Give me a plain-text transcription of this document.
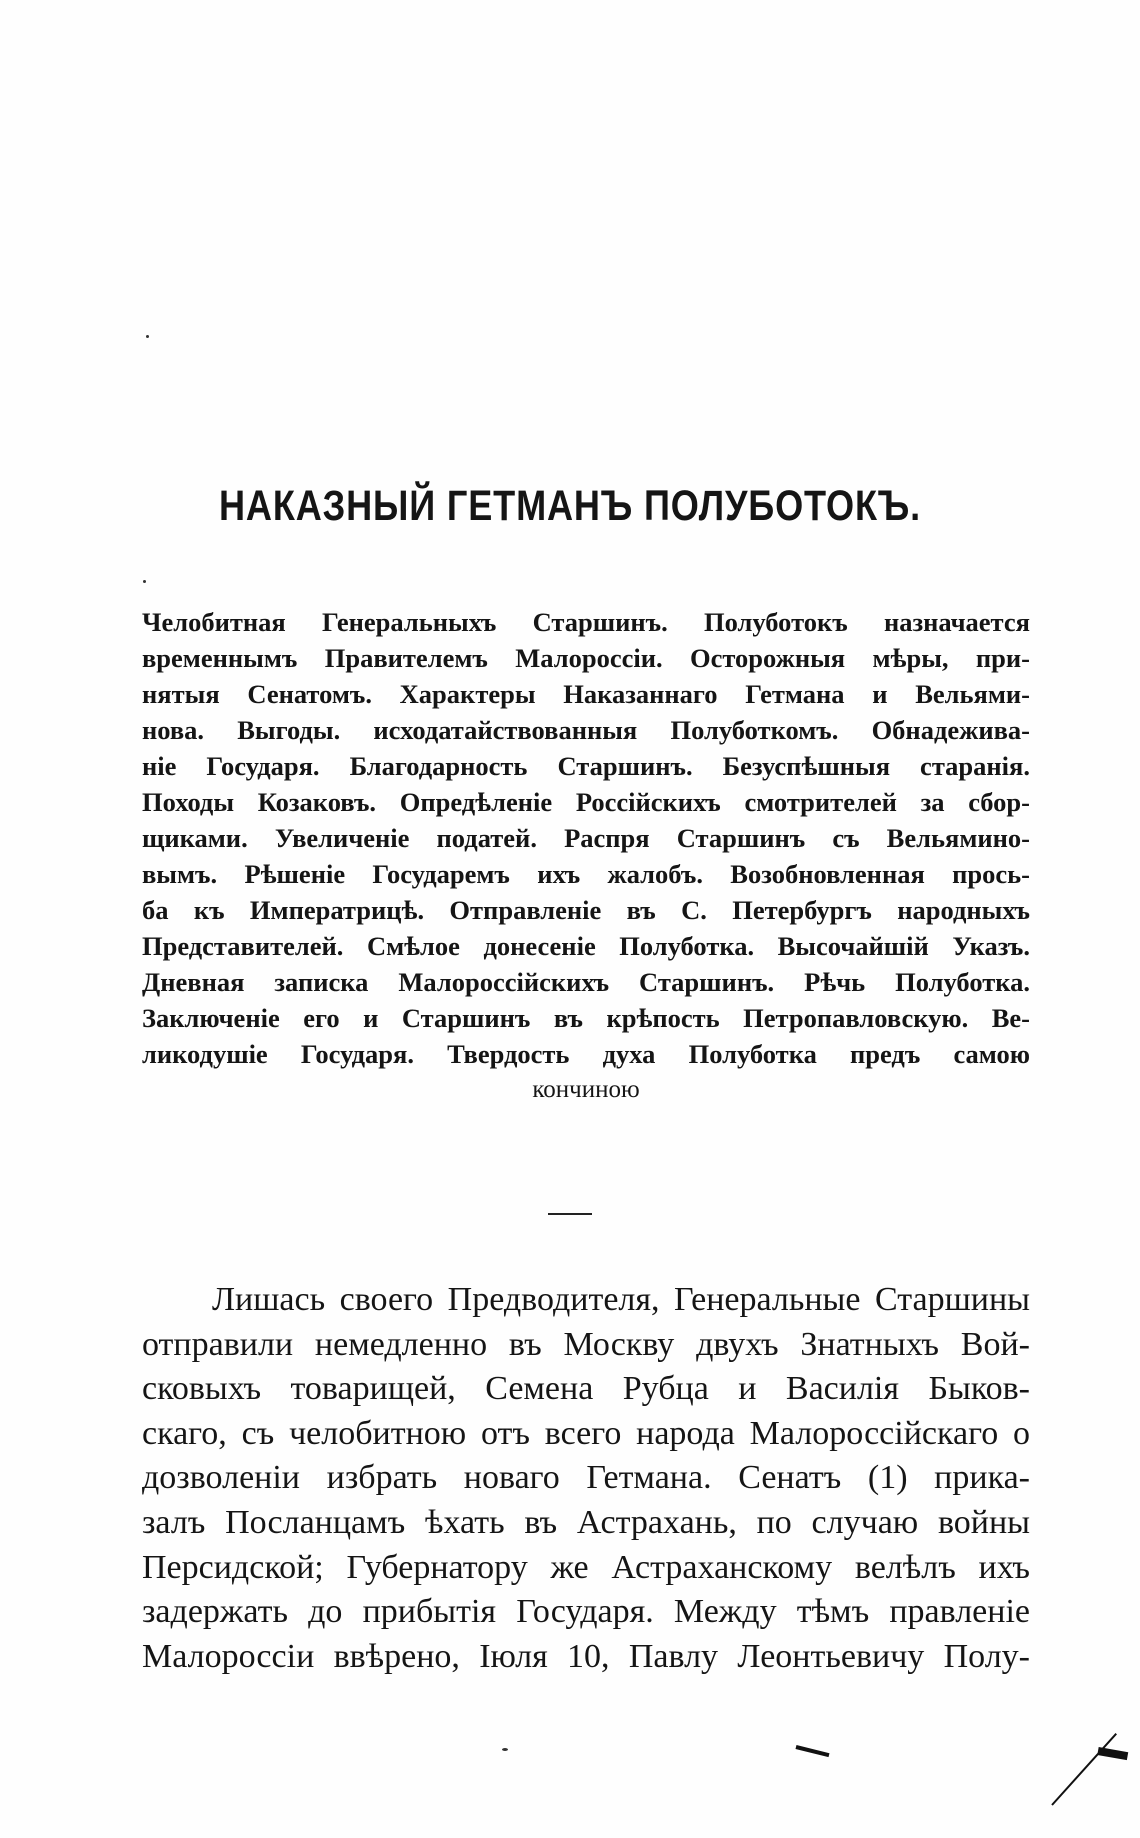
НАКАЗНЫЙ ГЕТМАНЪ ПОЛУБОТОКЪ.
Челобитная Генеральныхъ Старшинъ. Полуботокъ назначается
временнымъ Правителемъ Малороссіи. Осторожныя мѣры, при-
нятыя Сенатомъ. Характеры Наказаннаго Гетмана и Вельями-
нова. Выгоды. исходатайствованныя Полуботкомъ. Обнадежива-
ніе Государя. Благодарность Старшинъ. Безуспѣшныя старанія.
Походы Козаковъ. Опредѣленіе Россійскихъ смотрителей за сбор-
щиками. Увеличеніе податей. Распря Старшинъ съ Вельямино-
вымъ. Рѣшеніе Государемъ ихъ жалобъ. Возобновленная прось-
ба къ Императрицѣ. Отправленіе въ С. Петербургъ народныхъ
Представителей. Смѣлое донесеніе Полуботка. Высочайшій Указъ.
Дневная записка Малороссійскихъ Старшинъ. Рѣчь Полуботка.
Заключеніе его и Старшинъ въ крѣпость Петропавловскую. Ве-
ликодушіе Государя. Твердость духа Полуботка предъ самою
кончиною
Лишась своего Предводителя, Генеральные Старшины
отправили немедленно въ Москву двухъ Знатныхъ Вой-
сковыхъ товарищей, Семена Рубца и Василія Быков-
скаго, съ челобитною отъ всего народа Малороссійскаго о
дозволеніи избрать новаго Гетмана. Сенатъ (1) прика-
залъ Посланцамъ ѣхать въ Астрахань, по случаю войны
Персидской; Губернатору же Астраханскому велѣлъ ихъ
задержать до прибытія Государя. Между тѣмъ правленіе
Малороссіи ввѣрено, Іюля 10, Павлу Леонтьевичу Полу-
